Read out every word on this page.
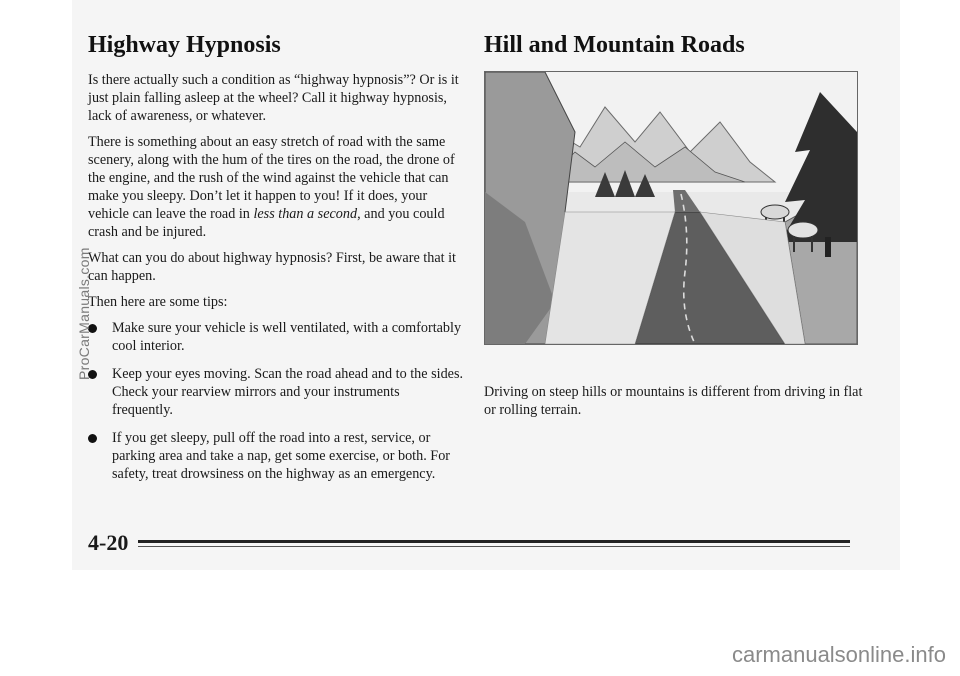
Highway Hypnosis

Is there actually such a condition as “highway hypnosis”? Or is it just plain falling asleep at the wheel? Call it highway hypnosis, lack of awareness, or whatever.

There is something about an easy stretch of road with the same scenery, along with the hum of the tires on the road, the drone of the engine, and the rush of the wind against the vehicle that can make you sleepy. Don’t let it happen to you! If it does, your vehicle can leave the road in less than a second, and you could crash and be injured.

What can you do about highway hypnosis? First, be aware that it can happen.

Then here are some tips:

Make sure your vehicle is well ventilated, with a comfortably cool interior.
Keep your eyes moving. Scan the road ahead and to the sides. Check your rearview mirrors and your instruments frequently.
If you get sleepy, pull off the road into a rest, service, or parking area and take a nap, get some exercise, or both. For safety, treat drowsiness on the highway as an emergency.
Hill and Mountain Roads

Driving on steep hills or mountains is different from driving in flat or rolling terrain.

4-20
ProCarManuals.com
carmanualsonline.info
